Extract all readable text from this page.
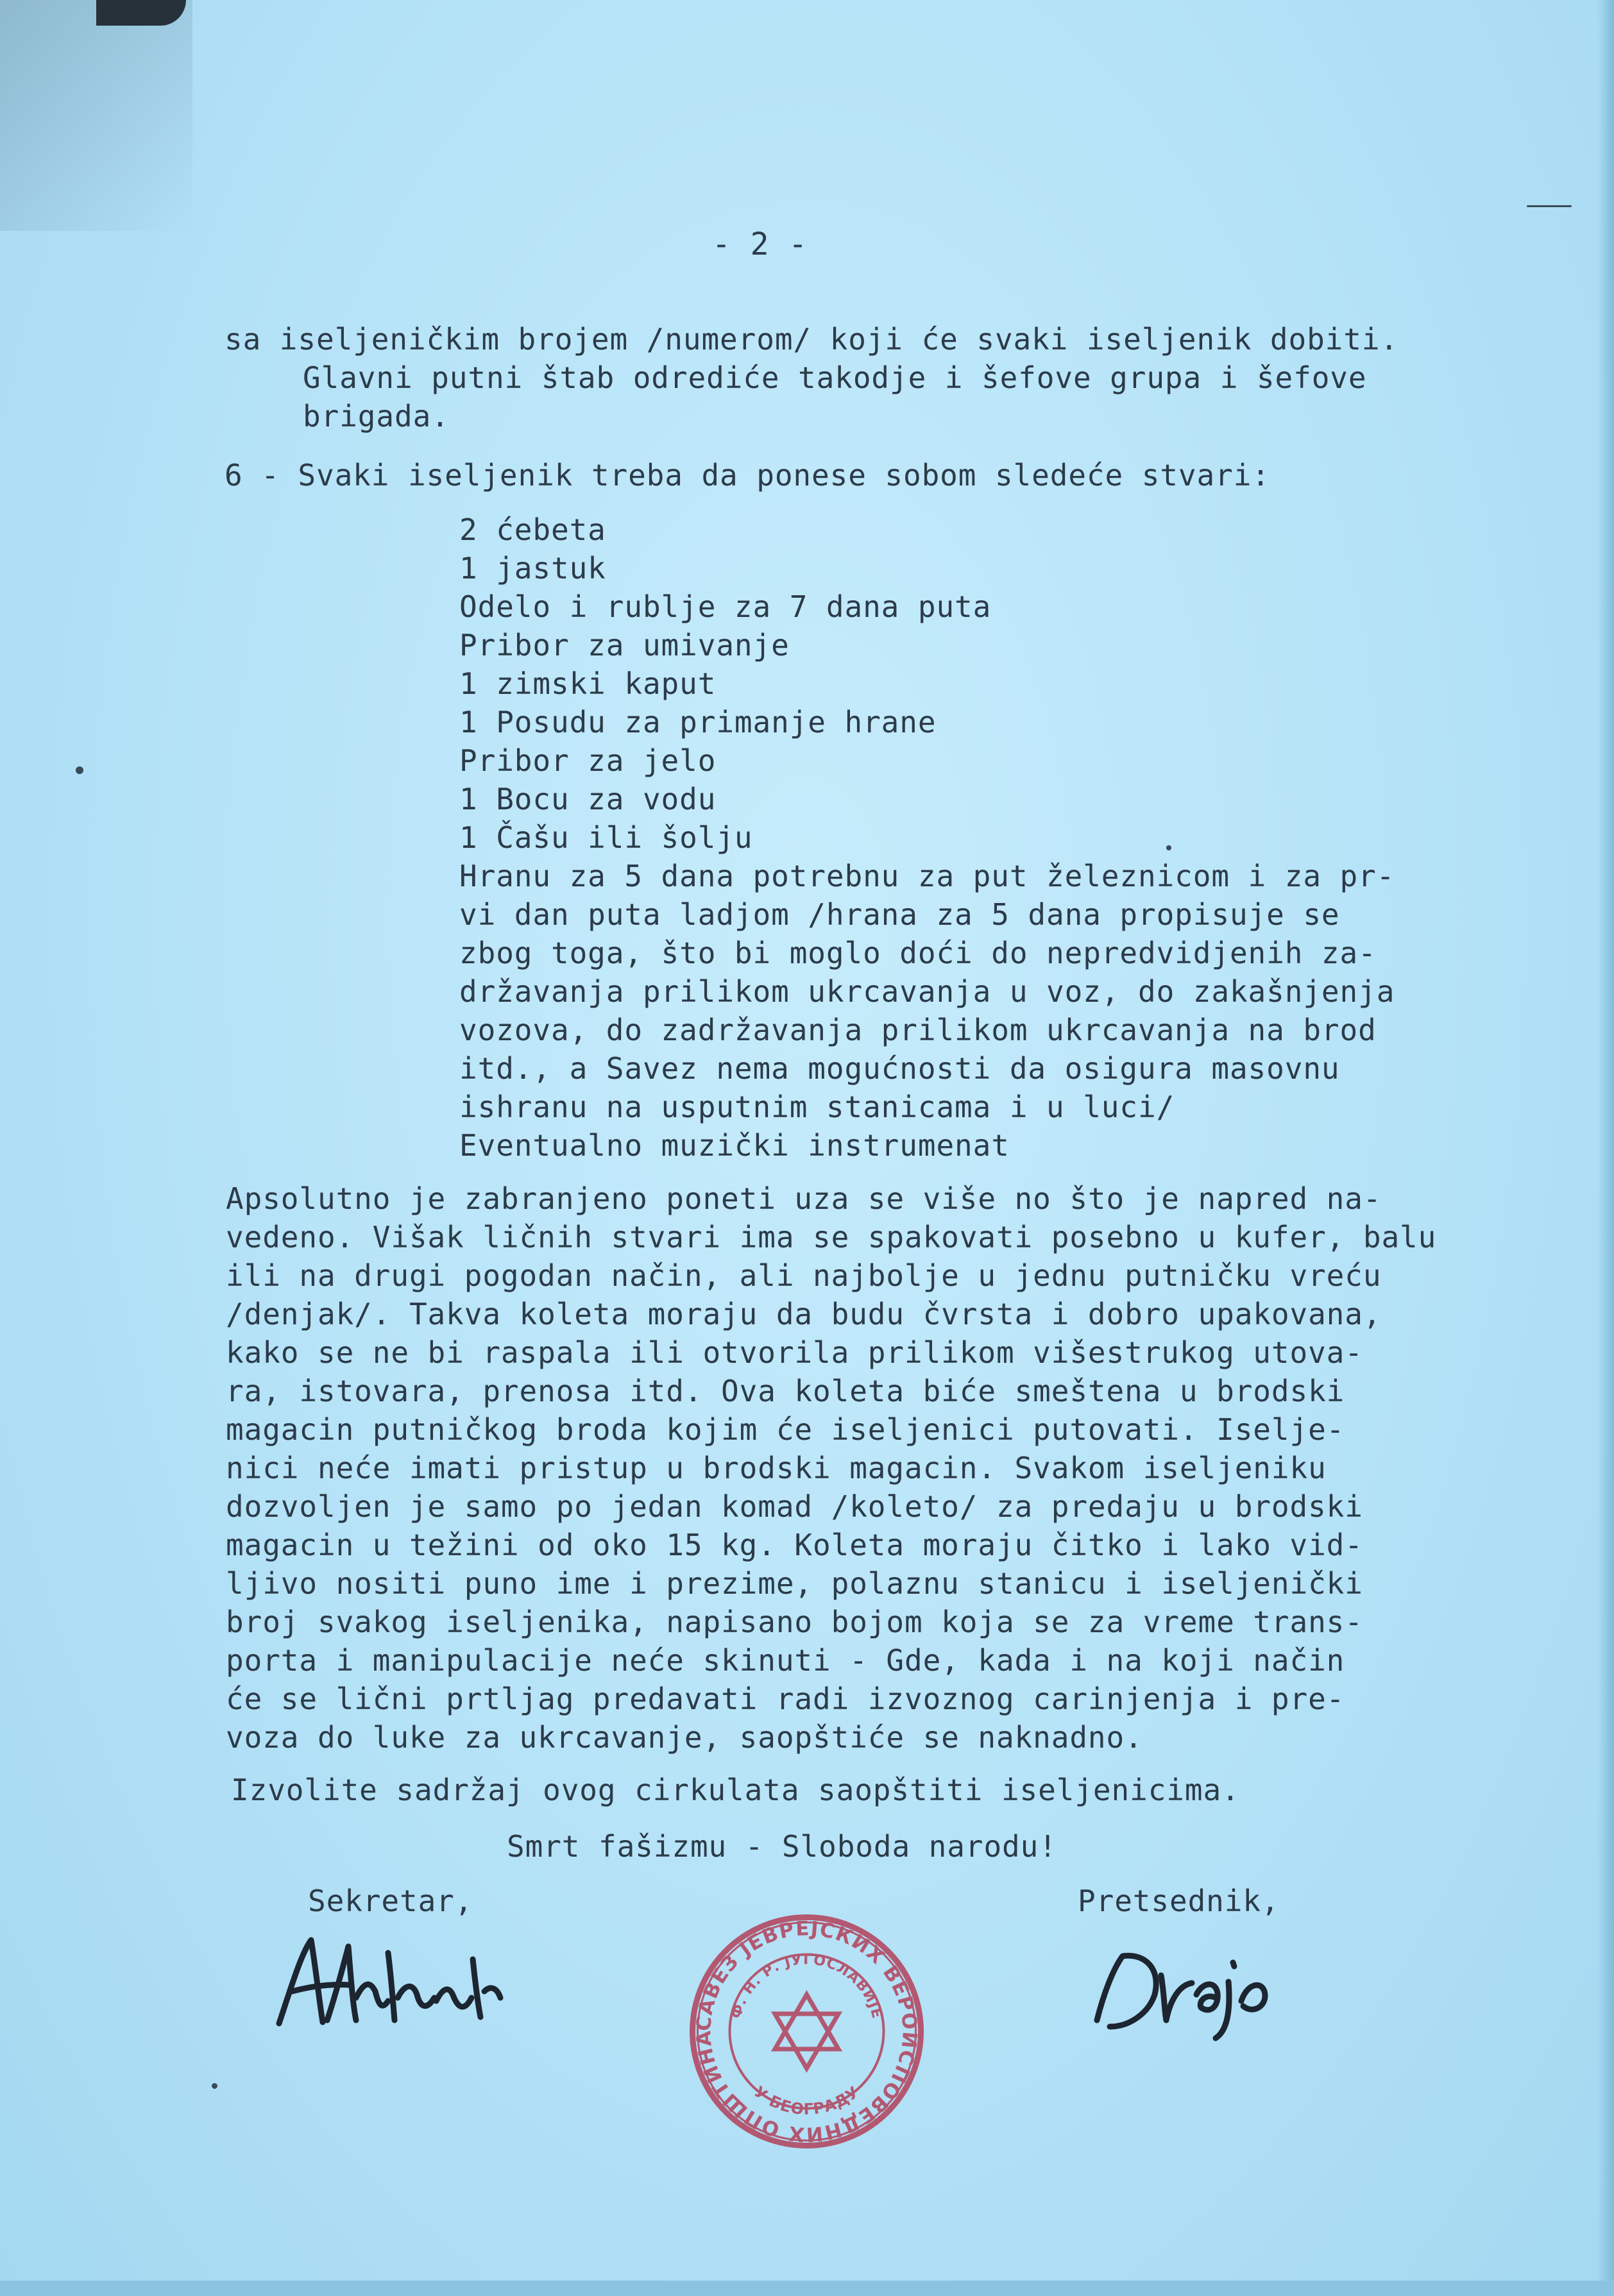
- 2 -

sa iseljeničkim brojem /numerom/ koji će svaki iseljenik dobiti.

Glavni putni štab odrediće takodje i šefove grupa i šefove

brigada.

6 - Svaki iseljenik treba da ponese sobom sledeće stvari:

2 ćebeta

1 jastuk

Odelo i rublje za 7 dana puta

Pribor za umivanje

1 zimski kaput

1 Posudu za primanje hrane

Pribor za jelo

1 Bocu za vodu

1 Čašu ili šolju

Hranu za 5 dana potrebnu za put železnicom i za pr-

vi dan puta ladjom /hrana za 5 dana propisuje se

zbog toga, što bi moglo doći do nepredvidjenih za-

državanja prilikom ukrcavanja u voz, do zakašnjenja

vozova, do zadržavanja prilikom ukrcavanja na brod

itd., a Savez nema mogućnosti da osigura masovnu

ishranu na usputnim stanicama i u luci/

Eventualno muzički instrumenat

Apsolutno je zabranjeno poneti uza se više no što je napred na-

vedeno. Višak ličnih stvari ima se spakovati posebno u kufer, balu

ili na drugi pogodan način, ali najbolje u jednu putničku vreću

/denjak/. Takva koleta moraju da budu čvrsta i dobro upakovana,

kako se ne bi raspala ili otvorila prilikom višestrukog utova-

ra, istovara, prenosa itd. Ova koleta biće smeštena u brodski

magacin putničkog broda kojim će iseljenici putovati. Iselje-

nici neće imati pristup u brodski magacin. Svakom iseljeniku

dozvoljen je samo po jedan komad /koleto/ za predaju u brodski

magacin u težini od oko 15 kg. Koleta moraju čitko i lako vid-

ljivo nositi puno ime i prezime, polaznu stanicu i iseljenički

broj svakog iseljenika, napisano bojom koja se za vreme trans-

porta i manipulacije neće skinuti - Gde, kada i na koji način

će se lični prtljag predavati radi izvoznog carinjenja i pre-

voza do luke za ukrcavanje, saopštiće se naknadno.

Izvolite sadržaj ovog cirkulata saopštiti iseljenicima.

Smrt fašizmu - Sloboda narodu!

Sekretar,	Pretsednik,

САВЕЗ ЈЕВРЕЈСКИХ ВЕРОИСПОВЕДНИХ ОПШТИНА
Ф. Н. Р. ЈУГОСЛАВИЈЕ
У БЕОГРАДУ
